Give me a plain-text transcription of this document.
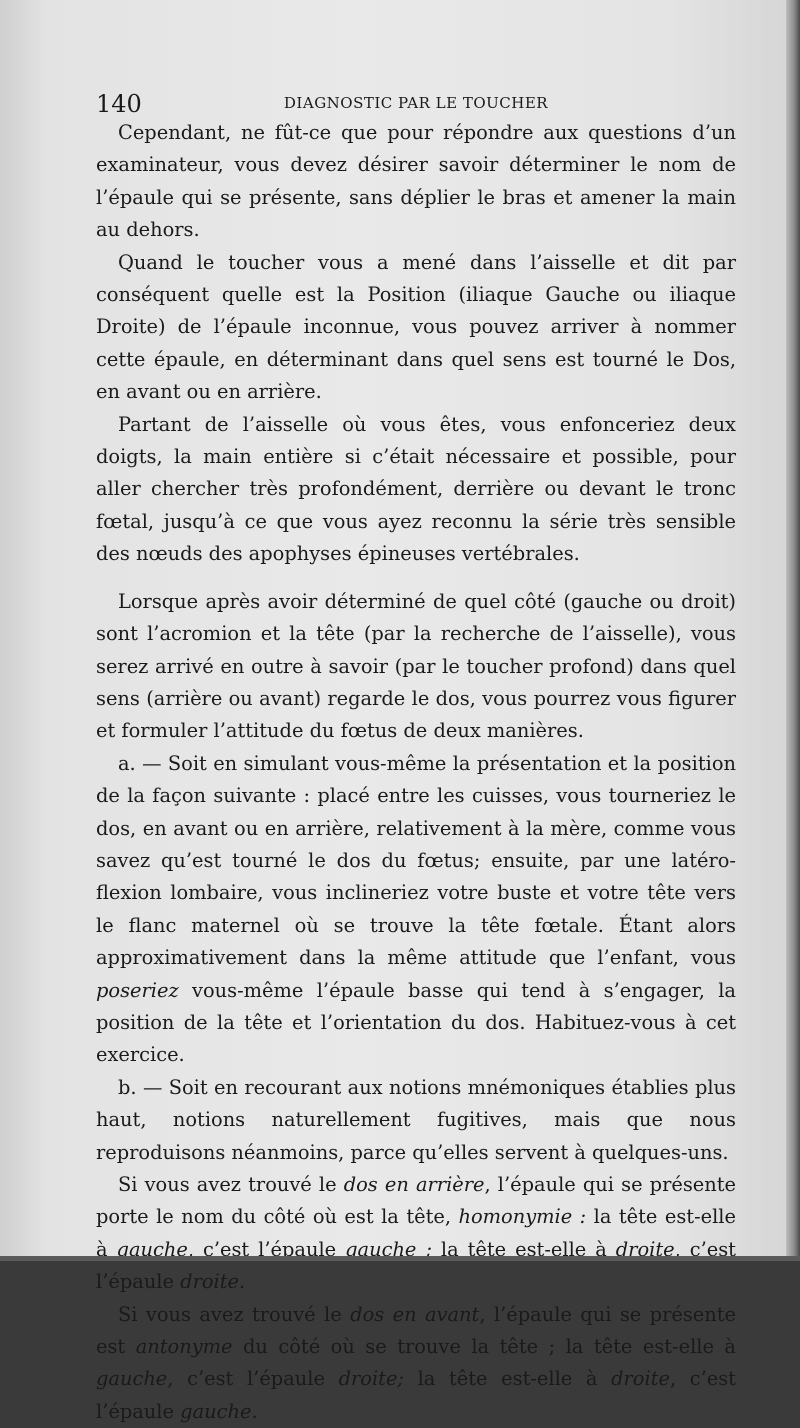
140	DIAGNOSTIC PAR LE TOUCHER

Cependant, ne fût-ce que pour répondre aux questions d’un examinateur, vous devez désirer savoir déterminer le nom de l’épaule qui se présente, sans déplier le bras et amener la main au dehors.

Quand le toucher vous a mené dans l’aisselle et dit par conséquent quelle est la Position (iliaque Gauche ou iliaque Droite) de l’épaule inconnue, vous pouvez arriver à nommer cette épaule, en déterminant dans quel sens est tourné le Dos, en avant ou en arrière.

Partant de l’aisselle où vous êtes, vous enfonceriez deux doigts, la main entière si c’était nécessaire et possible, pour aller chercher très profondément, derrière ou devant le tronc fœtal, jusqu’à ce que vous ayez reconnu la série très sensible des nœuds des apophyses épineuses vertébrales.

Lorsque après avoir déterminé de quel côté (gauche ou droit) sont l’acromion et la tête (par la recherche de l’aisselle), vous serez arrivé en outre à savoir (par le toucher profond) dans quel sens (arrière ou avant) regarde le dos, vous pourrez vous figurer et formuler l’attitude du fœtus de deux manières.

a. — Soit en simulant vous-même la présentation et la position de la façon suivante : placé entre les cuisses, vous tourneriez le dos, en avant ou en arrière, relativement à la mère, comme vous savez qu’est tourné le dos du fœtus; ensuite, par une latéro-flexion lombaire, vous inclineriez votre buste et votre tête vers le flanc maternel où se trouve la tête fœtale. Étant alors approximativement dans la même attitude que l’enfant, vous poseriez vous-même l’épaule basse qui tend à s’engager, la position de la tête et l’orientation du dos. Habituez-vous à cet exercice.

b. — Soit en recourant aux notions mnémoniques établies plus haut, notions naturellement fugitives, mais que nous reproduisons néanmoins, parce qu’elles servent à quelques-uns.

Si vous avez trouvé le dos en arrière, l’épaule qui se présente porte le nom du côté où est la tête, homonymie : la tête est-elle à gauche, c’est l’épaule gauche ; la tête est-elle à droite, c’est l’épaule droite.

Si vous avez trouvé le dos en avant, l’épaule qui se présente est antonyme du côté où se trouve la tête ; la tête est-elle à gauche, c’est l’épaule droite; la tête est-elle à droite, c’est l’épaule gauche.
